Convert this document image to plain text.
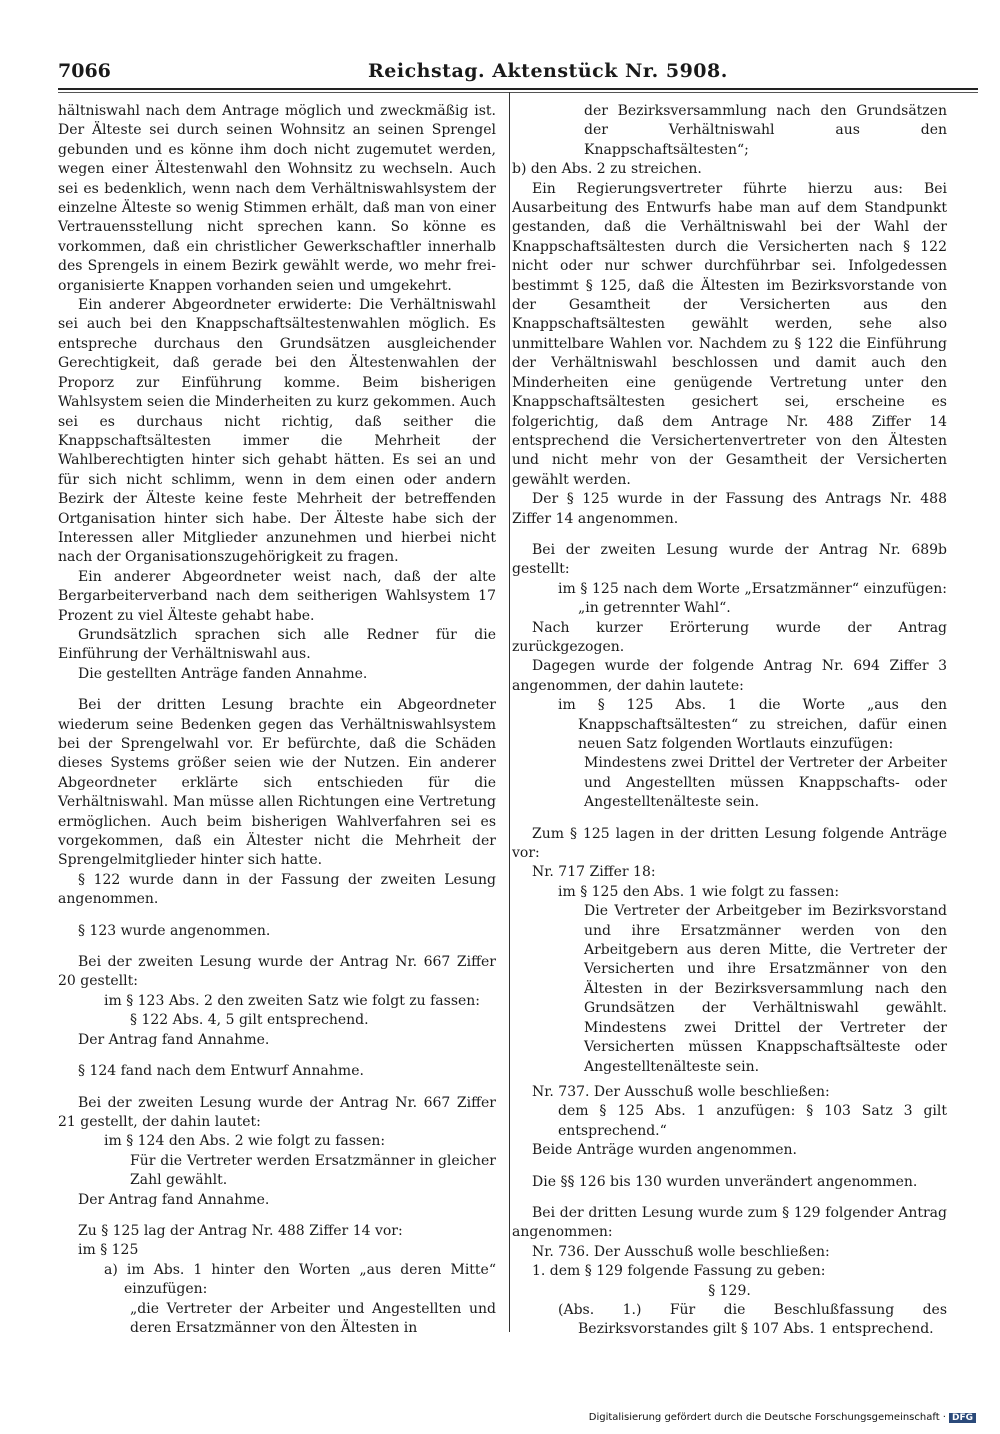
7066	Reichstag. Aktenstück Nr. 5908.

hältniswahl nach dem Antrage möglich und zweckmäßig ist. Der Älteste sei durch seinen Wohnsitz an seinen Sprengel gebunden und es könne ihm doch nicht zugemutet werden, wegen einer Ältestenwahl den Wohnsitz zu wechseln. Auch sei es bedenklich, wenn nach dem Verhältniswahlsystem der einzelne Älteste so wenig Stimmen erhält, daß man von einer Vertrauensstellung nicht sprechen kann. So könne es vorkommen, daß ein christlicher Gewerkschaftler innerhalb des Sprengels in einem Bezirk gewählt werde, wo mehr frei-organisierte Knappen vorhanden seien und umgekehrt.

Ein anderer Abgeordneter erwiderte: Die Verhältniswahl sei auch bei den Knappschaftsältestenwahlen möglich. Es entspreche durchaus den Grundsätzen ausgleichender Gerechtigkeit, daß gerade bei den Ältestenwahlen der Proporz zur Einführung komme. Beim bisherigen Wahlsystem seien die Minderheiten zu kurz gekommen. Auch sei es durchaus nicht richtig, daß seither die Knappschaftsältesten immer die Mehrheit der Wahlberechtigten hinter sich gehabt hätten. Es sei an und für sich nicht schlimm, wenn in dem einen oder andern Bezirk der Älteste keine feste Mehrheit der betreffenden Ortganisation hinter sich habe. Der Älteste habe sich der Interessen aller Mitglieder anzunehmen und hierbei nicht nach der Organisationszugehörigkeit zu fragen.

Ein anderer Abgeordneter weist nach, daß der alte Bergarbeiterverband nach dem seitherigen Wahlsystem 17 Prozent zu viel Älteste gehabt habe.

Grundsätzlich sprachen sich alle Redner für die Einführung der Verhältniswahl aus.

Die gestellten Anträge fanden Annahme.

Bei der dritten Lesung brachte ein Abgeordneter wiederum seine Bedenken gegen das Verhältniswahlsystem bei der Sprengelwahl vor. Er befürchte, daß die Schäden dieses Systems größer seien wie der Nutzen. Ein anderer Abgeordneter erklärte sich entschieden für die Verhältniswahl. Man müsse allen Richtungen eine Vertretung ermöglichen. Auch beim bisherigen Wahlverfahren sei es vorgekommen, daß ein Ältester nicht die Mehrheit der Sprengelmitglieder hinter sich hatte.

§ 122 wurde dann in der Fassung der zweiten Lesung angenommen.

§ 123 wurde angenommen.

Bei der zweiten Lesung wurde der Antrag Nr. 667 Ziffer 20 gestellt:

im § 123 Abs. 2 den zweiten Satz wie folgt zu fassen:

§ 122 Abs. 4, 5 gilt entsprechend.

Der Antrag fand Annahme.

§ 124 fand nach dem Entwurf Annahme.

Bei der zweiten Lesung wurde der Antrag Nr. 667 Ziffer 21 gestellt, der dahin lautet:

im § 124 den Abs. 2 wie folgt zu fassen:

Für die Vertreter werden Ersatzmänner in gleicher Zahl gewählt.

Der Antrag fand Annahme.

Zu § 125 lag der Antrag Nr. 488 Ziffer 14 vor:

im § 125

a) im Abs. 1 hinter den Worten „aus deren Mitte“ einzufügen:

„die Vertreter der Arbeiter und Angestellten und deren Ersatzmänner von den Ältesten in

der Bezirksversammlung nach den Grundsätzen der Verhältniswahl aus den Knappschaftsältesten“;

b) den Abs. 2 zu streichen.

Ein Regierungsvertreter führte hierzu aus: Bei Ausarbeitung des Entwurfs habe man auf dem Standpunkt gestanden, daß die Verhältniswahl bei der Wahl der Knappschaftsältesten durch die Versicherten nach § 122 nicht oder nur schwer durchführbar sei. Infolgedessen bestimmt § 125, daß die Ältesten im Bezirksvorstande von der Gesamtheit der Versicherten aus den Knappschaftsältesten gewählt werden, sehe also unmittelbare Wahlen vor. Nachdem zu § 122 die Einführung der Verhältniswahl beschlossen und damit auch den Minderheiten eine genügende Vertretung unter den Knappschaftsältesten gesichert sei, erscheine es folgerichtig, daß dem Antrage Nr. 488 Ziffer 14 entsprechend die Versichertenvertreter von den Ältesten und nicht mehr von der Gesamtheit der Versicherten gewählt werden.

Der § 125 wurde in der Fassung des Antrags Nr. 488 Ziffer 14 angenommen.

Bei der zweiten Lesung wurde der Antrag Nr. 689b gestellt:

im § 125 nach dem Worte „Ersatzmänner“ einzufügen: „in getrennter Wahl“.

Nach kurzer Erörterung wurde der Antrag zurückgezogen.

Dagegen wurde der folgende Antrag Nr. 694 Ziffer 3 angenommen, der dahin lautete:

im § 125 Abs. 1 die Worte „aus den Knappschaftsältesten“ zu streichen, dafür einen neuen Satz folgenden Wortlauts einzufügen:

Mindestens zwei Drittel der Vertreter der Arbeiter und Angestellten müssen Knappschafts- oder Angestelltenälteste sein.

Zum § 125 lagen in der dritten Lesung folgende Anträge vor:

Nr. 717 Ziffer 18:

im § 125 den Abs. 1 wie folgt zu fassen:

Die Vertreter der Arbeitgeber im Bezirksvorstand und ihre Ersatzmänner werden von den Arbeitgebern aus deren Mitte, die Vertreter der Versicherten und ihre Ersatzmänner von den Ältesten in der Bezirksversammlung nach den Grundsätzen der Verhältniswahl gewählt. Mindestens zwei Drittel der Vertreter der Versicherten müssen Knappschaftsälteste oder Angestelltenälteste sein.

Nr. 737. Der Ausschuß wolle beschließen:

dem § 125 Abs. 1 anzufügen: § 103 Satz 3 gilt entsprechend.“

Beide Anträge wurden angenommen.

Die §§ 126 bis 130 wurden unverändert angenommen.

Bei der dritten Lesung wurde zum § 129 folgender Antrag angenommen:

Nr. 736. Der Ausschuß wolle beschließen:

1. dem § 129 folgende Fassung zu geben:

§ 129.

(Abs. 1.) Für die Beschlußfassung des Bezirksvorstandes gilt § 107 Abs. 1 entsprechend.

Digitalisierung gefördert durch die Deutsche Forschungsgemeinschaft · DFG
